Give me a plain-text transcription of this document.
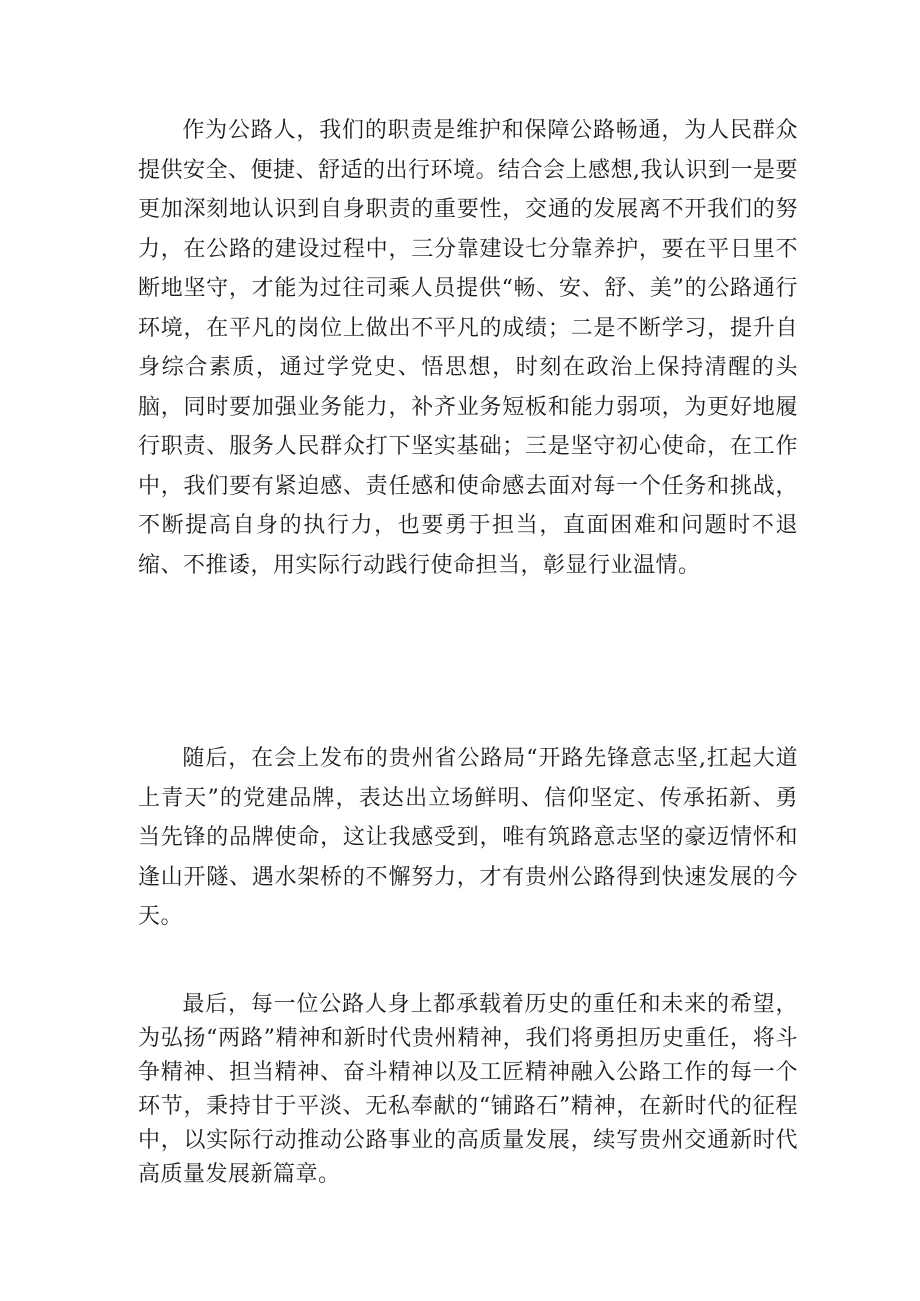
作为公路人，我们的职责是维护和保障公路畅通，为人民群众提供安全、便捷、舒适的出行环境。结合会上感想,我认识到一是要更加深刻地认识到自身职责的重要性，交通的发展离不开我们的努力，在公路的建设过程中，三分靠建设七分靠养护，要在平日里不断地坚守，才能为过往司乘人员提供“畅、安、舒、美”的公路通行环境，在平凡的岗位上做出不平凡的成绩；二是不断学习，提升自身综合素质，通过学党史、悟思想，时刻在政治上保持清醒的头脑，同时要加强业务能力，补齐业务短板和能力弱项，为更好地履行职责、服务人民群众打下坚实基础；三是坚守初心使命，在工作中，我们要有紧迫感、责任感和使命感去面对每一个任务和挑战，不断提高自身的执行力，也要勇于担当，直面困难和问题时不退缩、不推诿，用实际行动践行使命担当，彰显行业温情。

随后，在会上发布的贵州省公路局“开路先锋意志坚,扛起大道上青天”的党建品牌，表达出立场鲜明、信仰坚定、传承拓新、勇当先锋的品牌使命，这让我感受到，唯有筑路意志坚的豪迈情怀和逢山开隧、遇水架桥的不懈努力，才有贵州公路得到快速发展的今天。

最后，每一位公路人身上都承载着历史的重任和未来的希望，为弘扬“两路”精神和新时代贵州精神，我们将勇担历史重任，将斗争精神、担当精神、奋斗精神以及工匠精神融入公路工作的每一个环节，秉持甘于平淡、无私奉献的“铺路石”精神，在新时代的征程中，以实际行动推动公路事业的高质量发展，续写贵州交通新时代高质量发展新篇章。
